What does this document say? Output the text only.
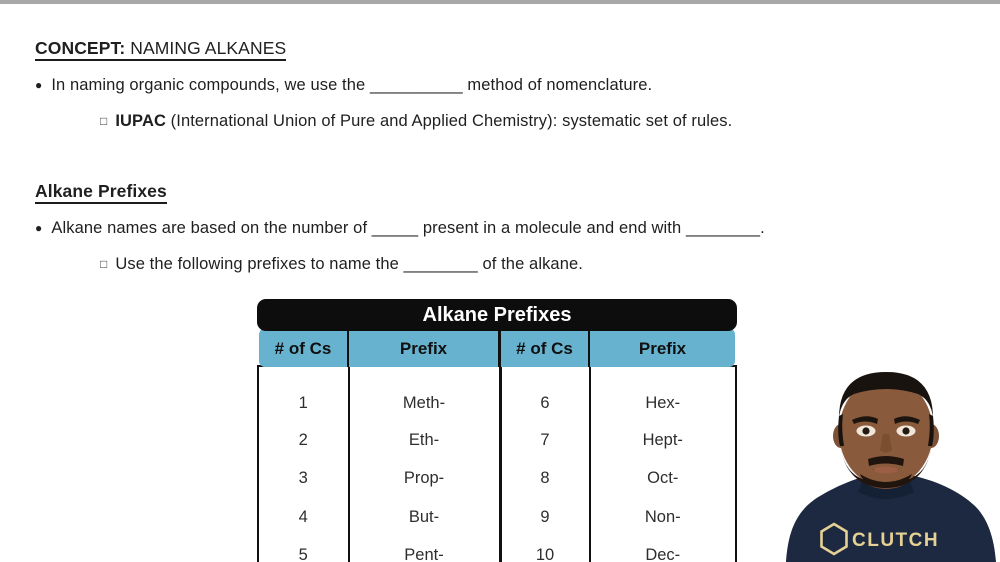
CONCEPT: NAMING ALKANES
● In naming organic compounds, we use the __________ method of nomenclature.
□ IUPAC (International Union of Pure and Applied Chemistry): systematic set of rules.
Alkane Prefixes
● Alkane names are based on the number of _____ present in a molecule and end with ________.
□ Use the following prefixes to name the ________ of the alkane.
Alkane Prefixes
# of Cs	Prefix	# of Cs	Prefix
1	Meth-	6	Hex-
2	Eth-	7	Hept-
3	Prop-	8	Oct-
4	But-	9	Non-
5	Pent-	10	Dec-
CLUTCH
